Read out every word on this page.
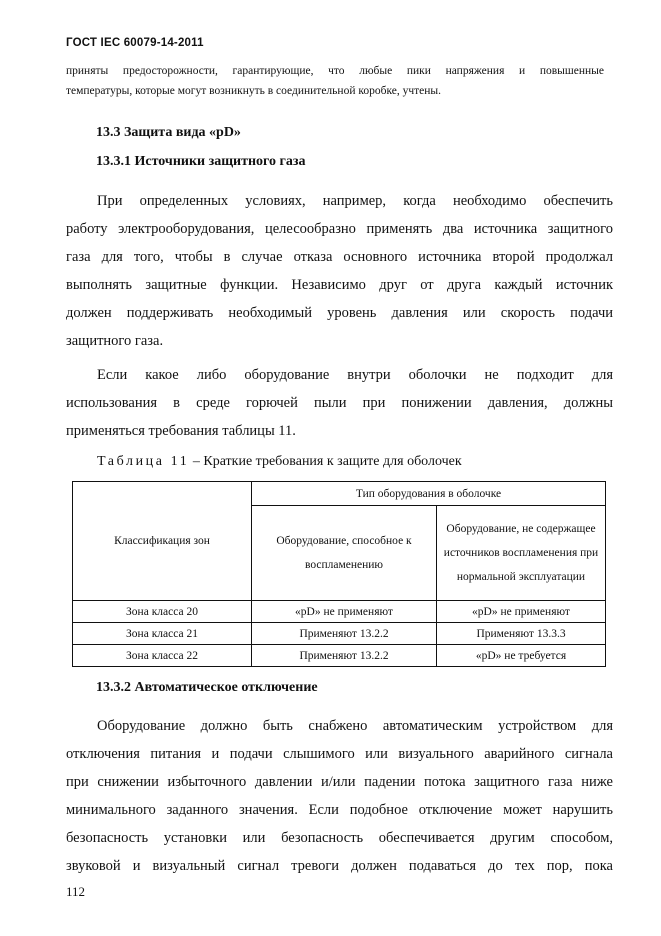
ГОСТ IEC 60079-14-2011

приняты предосторожности, гарантирующие, что любые пики напряжения и повышенные

температуры, которые могут возникнуть в соединительной коробке, учтены.

13.3 Защита вида «pD»
13.3.1 Источники защитного газа
При определенных условиях, например, когда необходимо обеспечить
работу электрооборудования, целесообразно применять два источника защитного
газа для того, чтобы в случае отказа основного источника второй продолжал
выполнять защитные функции. Независимо друг от друга каждый источник
должен поддерживать необходимый уровень давления или скорость подачи
защитного газа.
Если какое либо оборудование внутри оболочки не подходит для
использования в среде горючей пыли при понижении давления, должны
применяться требования таблицы 11.
Таблица 11 – Краткие требования к защите для оболочек
Классификация зон	Тип оборудования в оболочке	
	Оборудование, способное к воспламенению	Оборудование, не содержащее источников воспламенения при нормальной эксплуатации
Зона класса 20	«pD» не применяют	«pD» не применяют
Зона класса 21	Применяют 13.2.2	Применяют 13.3.3
Зона класса 22	Применяют 13.2.2	«pD» не требуется
13.3.2 Автоматическое отключение
Оборудование должно быть снабжено автоматическим устройством для
отключения питания и подачи слышимого или визуального аварийного сигнала
при снижении избыточного давлении и/или падении потока защитного газа ниже
минимального заданного значения. Если подобное отключение может нарушить
безопасность установки или безопасность обеспечивается другим способом,
звуковой и визуальный сигнал тревоги должен подаваться до тех пор, пока
112
